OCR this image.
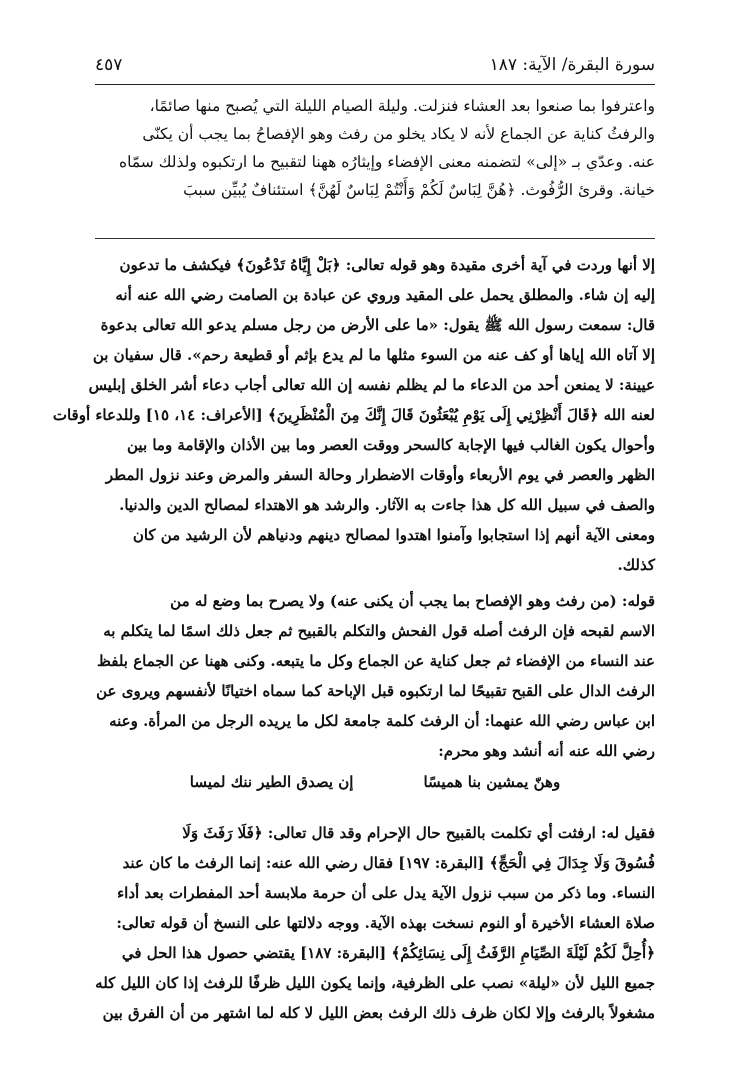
سورة البقرة/ الآية: ١٨٧
٤٥٧
واعترفوا بما صنعوا بعد العشاء فنزلت. وليلة الصيام الليلة التي يُصبح منها صائمًا،
والرفثُ كناية عن الجماع لأنه لا يكاد يخلو من رفث وهو الإفصاحُ بما يجب أن يكنّى
عنه. وعدّي بـ «إلى» لتضمنه معنى الإفضاء وإيثارُه ههنا لتقبيح ما ارتكبوه ولذلك سمّاه
خيانة. وقرئ الرُّفُوث. ﴿هُنَّ لِبَاسٌ لَكُمْ وَأَنْتُمْ لِبَاسٌ لَهُنَّ﴾ استئنافٌ يُبيِّن سببَ
إلا أنها وردت في آية أخرى مقيدة وهو قوله تعالى: ﴿بَلْ إِيَّاهُ تَدْعُونَ﴾ فيكشف ما تدعون
إليه إن شاء. والمطلق يحمل على المقيد وروي عن عبادة بن الصامت رضي الله عنه أنه
قال: سمعت رسول الله ﷺ يقول: «ما على الأرض من رجل مسلم يدعو الله تعالى بدعوة
إلا آتاه الله إياها أو كف عنه من السوء مثلها ما لم يدع بإثم أو قطيعة رحم». قال سفيان بن
عيينة: لا يمنعن أحد من الدعاء ما لم يظلم نفسه إن الله تعالى أجاب دعاء أشر الخلق إبليس
لعنه الله ﴿قَالَ أَنْظِرْنِي إِلَى يَوْمِ يُبْعَثُونَ قَالَ إِنَّكَ مِنَ الْمُنْظَرِينَ﴾ [الأعراف: ١٤، ١٥] وللدعاء أوقات
وأحوال يكون الغالب فيها الإجابة كالسحر ووقت العصر وما بين الأذان والإقامة وما بين
الظهر والعصر في يوم الأربعاء وأوقات الاضطرار وحالة السفر والمرض وعند نزول المطر
والصف في سبيل الله كل هذا جاءت به الآثار. والرشد هو الاهتداء لمصالح الدين والدنيا.
ومعنى الآية أنهم إذا استجابوا وآمنوا اهتدوا لمصالح دينهم ودنياهم لأن الرشيد من كان
كذلك.
قوله: (من رفث وهو الإفصاح بما يجب أن يكنى عنه) ولا يصرح بما وضع له من
الاسم لقبحه فإن الرفث أصله قول الفحش والتكلم بالقبيح ثم جعل ذلك اسمًا لما يتكلم به
عند النساء من الإفضاء ثم جعل كناية عن الجماع وكل ما يتبعه. وكنى ههنا عن الجماع بلفظ
الرفث الدال على القبح تقبيحًا لما ارتكبوه قبل الإباحة كما سماه اختيانًا لأنفسهم ويروى عن
ابن عباس رضي الله عنهما: أن الرفث كلمة جامعة لكل ما يريده الرجل من المرأة. وعنه
رضي الله عنه أنه أنشد وهو محرم:
وهنّ يمشين بنا هميسًا
إن يصدق الطير ننك لميسا
فقيل له: ارفثت أي تكلمت بالقبيح حال الإحرام وقد قال تعالى: ﴿فَلَا رَفَثَ وَلَا
فُسُوقَ وَلَا جِدَالَ فِي الْحَجِّ﴾ [البقرة: ١٩٧] فقال رضي الله عنه: إنما الرفث ما كان عند
النساء. وما ذكر من سبب نزول الآية يدل على أن حرمة ملابسة أحد المفطرات بعد أداء
صلاة العشاء الأخيرة أو النوم نسخت بهذه الآية. ووجه دلالتها على النسخ أن قوله تعالى:
﴿أُحِلَّ لَكُمْ لَيْلَةَ الصِّيَامِ الرَّفَثُ إِلَى نِسَائِكُمْ﴾ [البقرة: ١٨٧] يقتضي حصول هذا الحل في
جميع الليل لأن «ليلة» نصب على الظرفية، وإنما يكون الليل ظرفًا للرفث إذا كان الليل كله
مشغولاً بالرفث وإلا لكان ظرف ذلك الرفث بعض الليل لا كله لما اشتهر من أن الفرق بين
